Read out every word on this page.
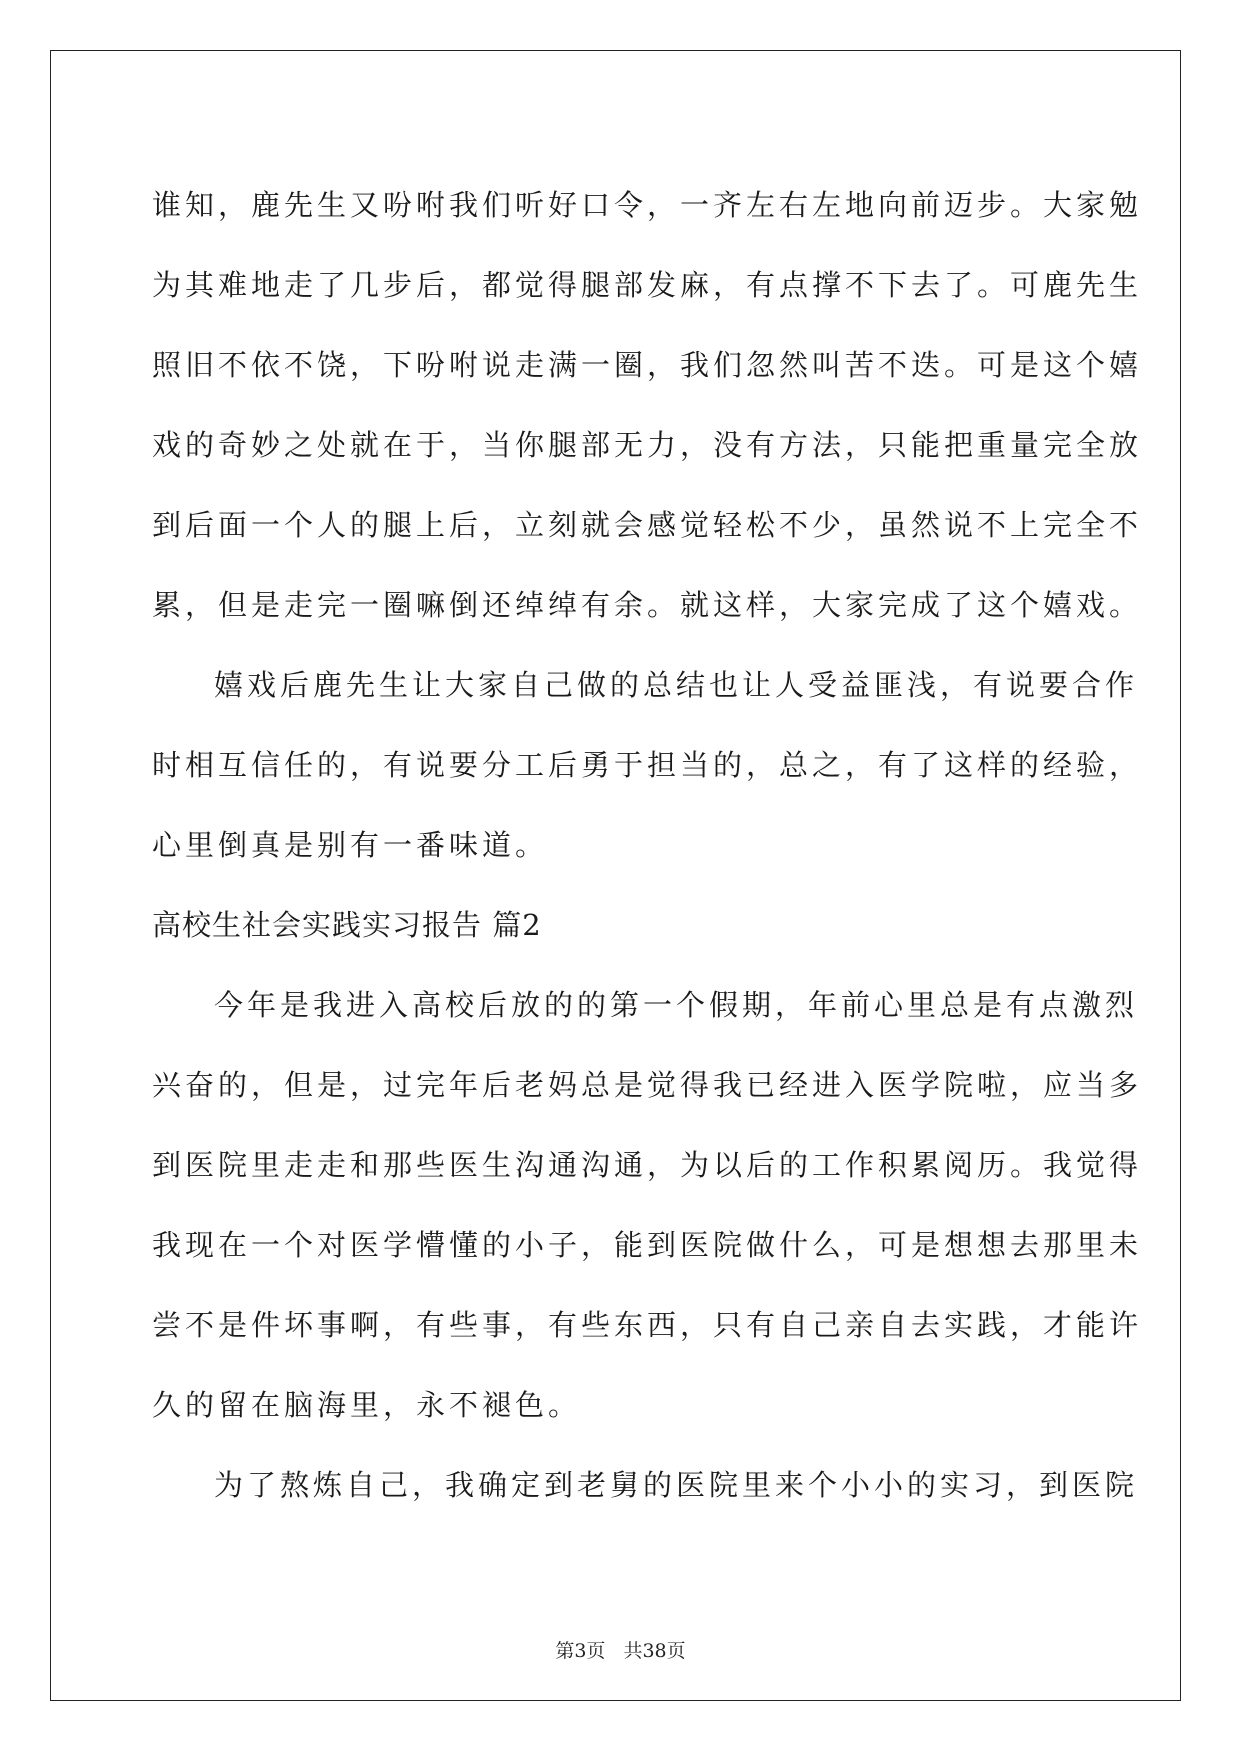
谁知，鹿先生又吩咐我们听好口令，一齐左右左地向前迈步。大家勉
为其难地走了几步后，都觉得腿部发麻，有点撑不下去了。可鹿先生
照旧不依不饶，下吩咐说走满一圈，我们忽然叫苦不迭。可是这个嬉
戏的奇妙之处就在于，当你腿部无力，没有方法，只能把重量完全放
到后面一个人的腿上后，立刻就会感觉轻松不少，虽然说不上完全不
累，但是走完一圈嘛倒还绰绰有余。就这样，大家完成了这个嬉戏。
嬉戏后鹿先生让大家自己做的总结也让人受益匪浅，有说要合作
时相互信任的，有说要分工后勇于担当的，总之，有了这样的经验，
心里倒真是别有一番味道。
高校生社会实践实习报告 篇2
今年是我进入高校后放的的第一个假期，年前心里总是有点激烈
兴奋的，但是，过完年后老妈总是觉得我已经进入医学院啦，应当多
到医院里走走和那些医生沟通沟通，为以后的工作积累阅历。我觉得
我现在一个对医学懵懂的小子，能到医院做什么，可是想想去那里未
尝不是件坏事啊，有些事，有些东西，只有自己亲自去实践，才能许
久的留在脑海里，永不褪色。
为了熬炼自己，我确定到老舅的医院里来个小小的实习，到医院
第3页 共38页
